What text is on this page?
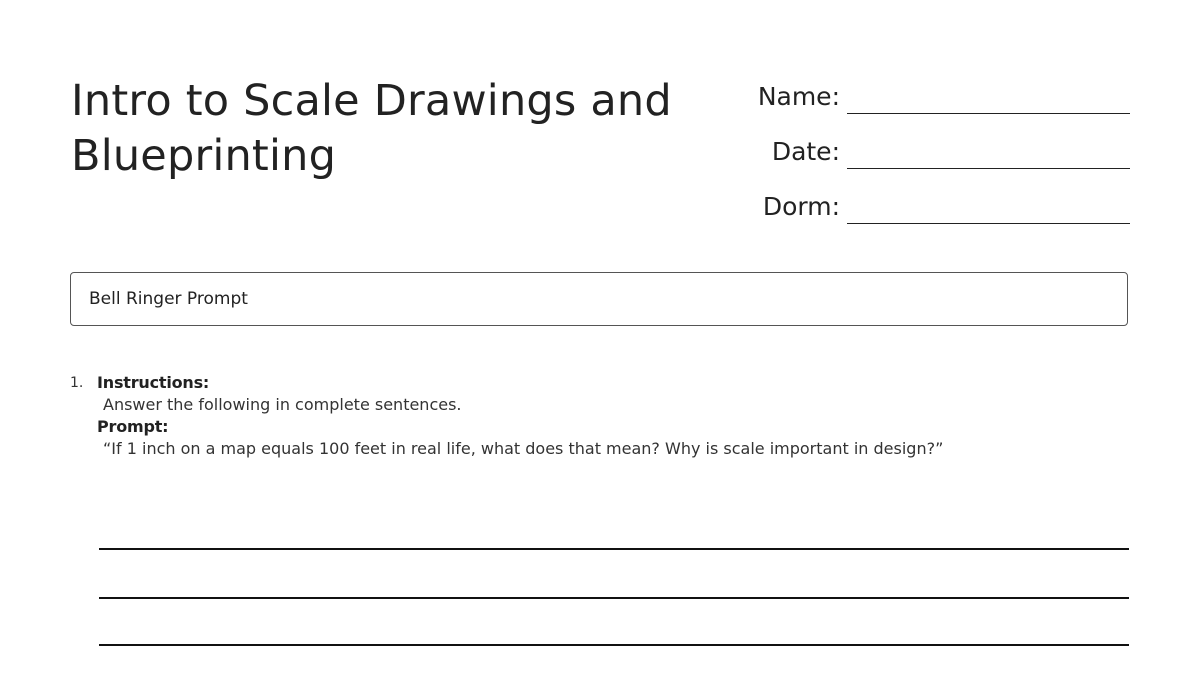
Intro to Scale Drawings and Blueprinting
Name:
Date:
Dorm:
Bell Ringer Prompt
1. Instructions:
Answer the following in complete sentences.
Prompt:
“If 1 inch on a map equals 100 feet in real life, what does that mean? Why is scale important in design?”
